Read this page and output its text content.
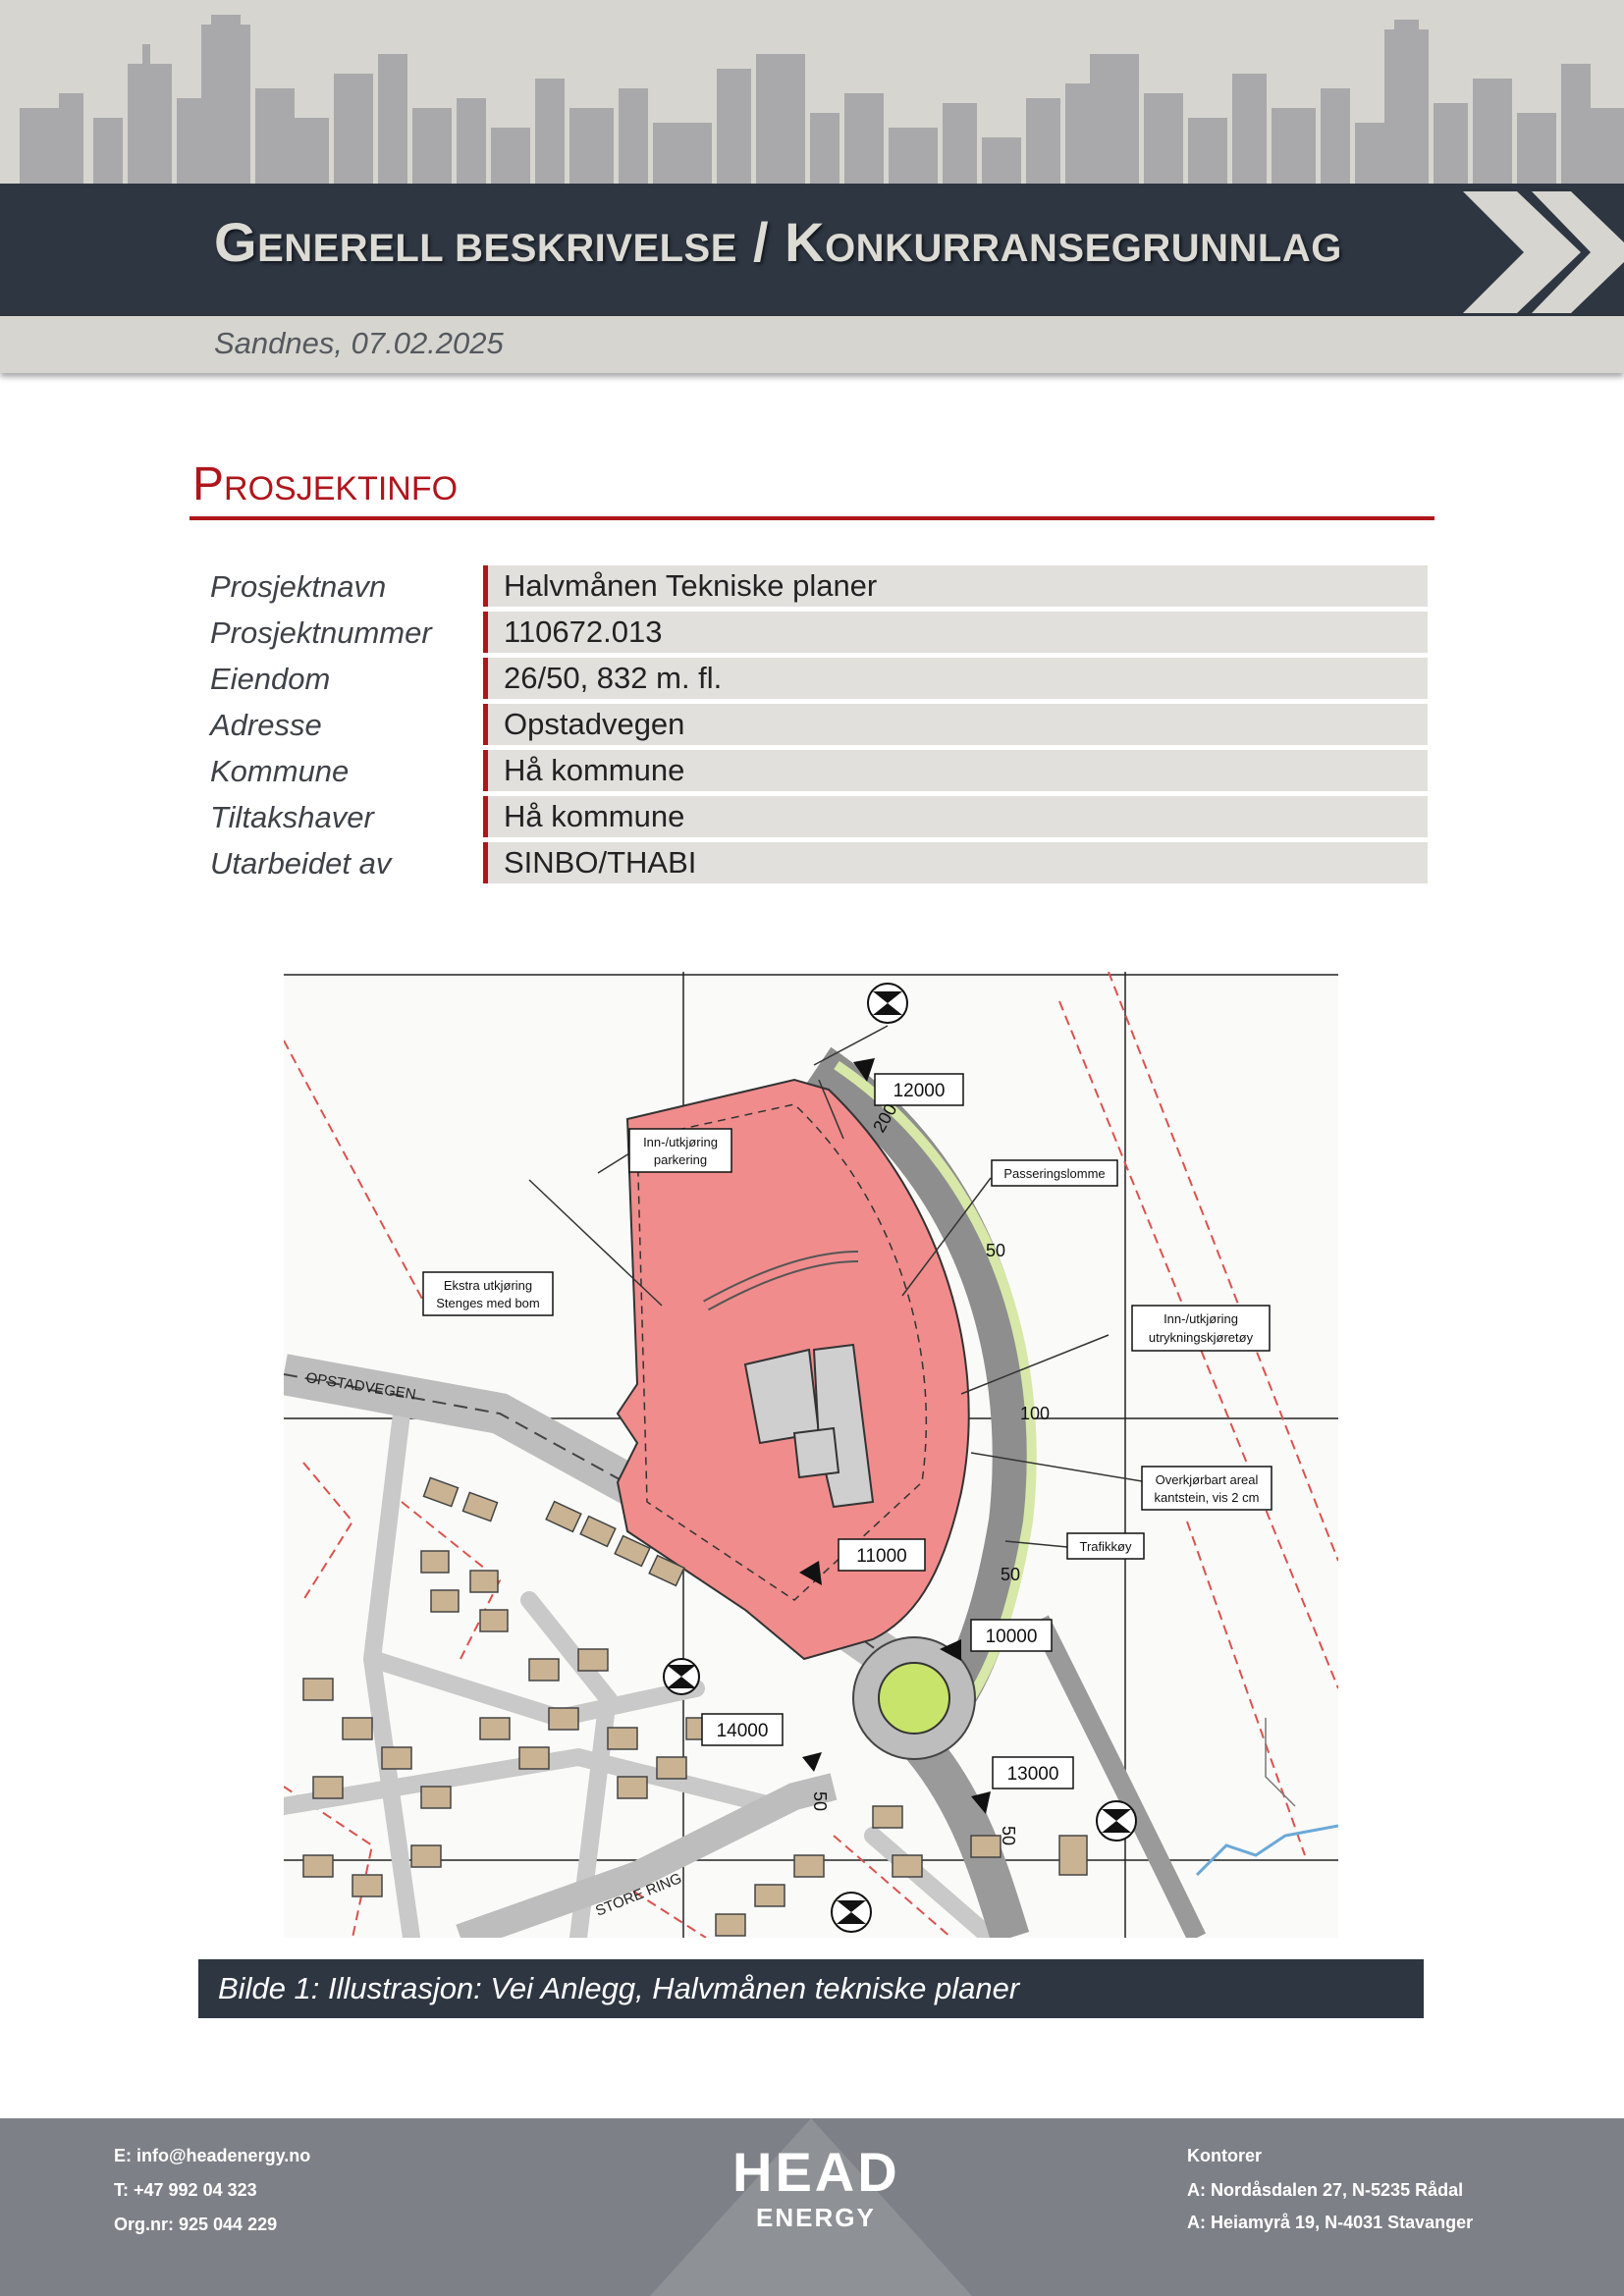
GENERELL BESKRIVELSE / KONKURRANSEGRUNNLAG
Sandnes, 07.02.2025
PROSJEKTINFO
Prosjektnavn	Halvmånen Tekniske planer
Prosjektnummer	110672.013
Eiendom	26/50, 832 m. fl.
Adresse	Opstadvegen
Kommune	Hå kommune
Tiltakshaver	Hå kommune
Utarbeidet av	SINBO/THABI
12000
11000
10000
13000
14000
Inn-/utkjøring
parkering
Passeringslomme
Ekstra utkjøring
Stenges med bom
Inn-/utkjøring
utrykningskjøretøy
Overkjørbart areal
kantstein, vis 2 cm
Trafikkøy
OPSTADVEGEN
STORE RING
200
50
100
50
50
50
Bilde 1: Illustrasjon: Vei Anlegg, Halvmånen tekniske planer
E: info@headenergy.no
T: +47 992 04 323
Org.nr: 925 044 229
HEAD
ENERGY
Kontorer
A: Nordåsdalen 27, N-5235 Rådal
A: Heiamyrå 19, N-4031 Stavanger
